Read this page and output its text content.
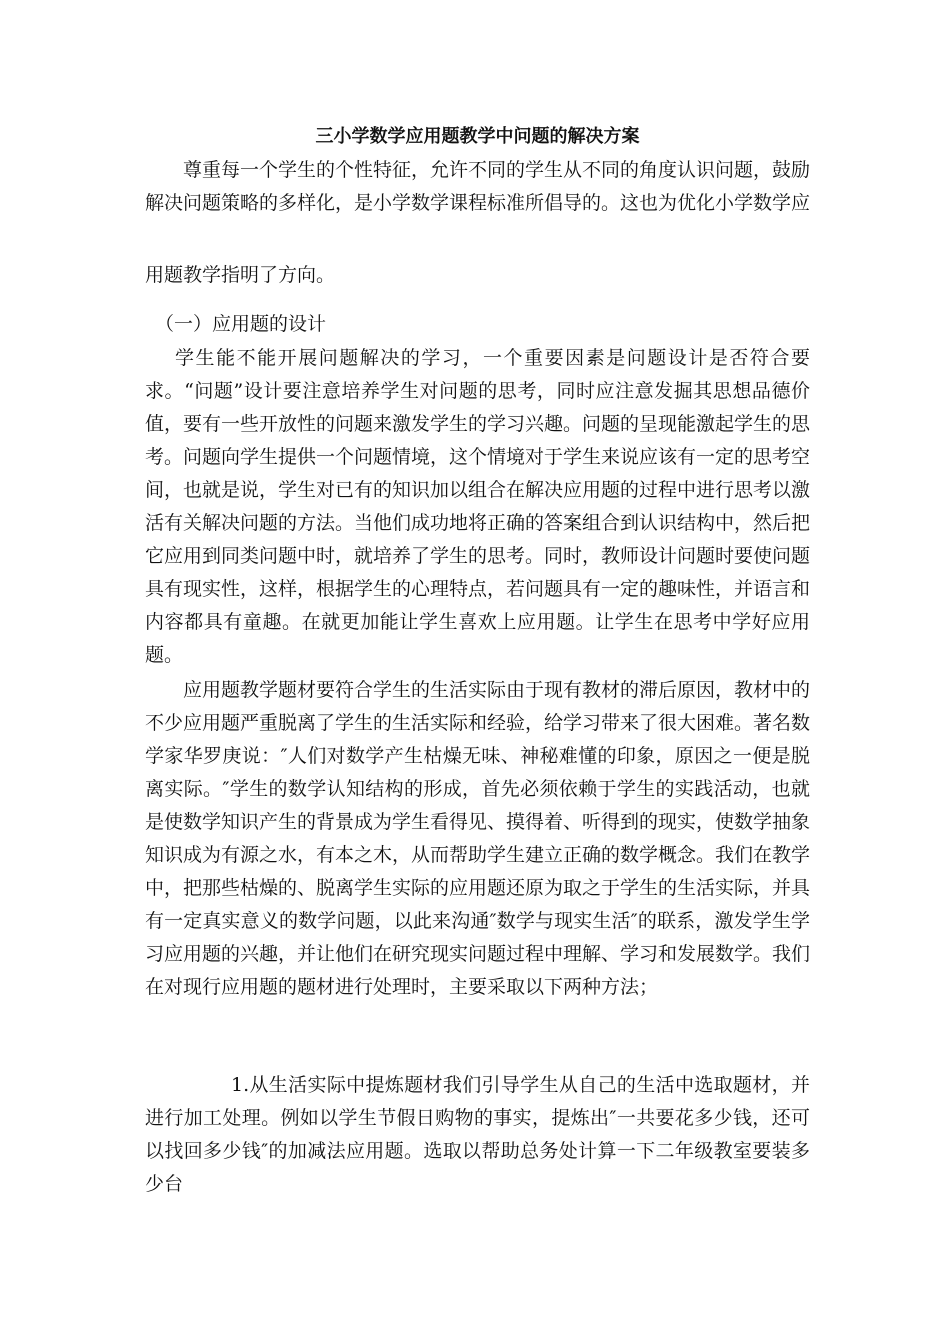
三小学数学应用题教学中问题的解决方案
尊重每一个学生的个性特征，允许不同的学生从不同的角度认识问题，鼓励解决问题策略的多样化，是小学数学课程标准所倡导的。这也为优化小学数学应
用题教学指明了方向。
（一）应用题的设计
学生能不能开展问题解决的学习，一个重要因素是问题设计是否符合要求。“问题”设计要注意培养学生对问题的思考，同时应注意发掘其思想品德价值，要有一些开放性的问题来激发学生的学习兴趣。问题的呈现能激起学生的思考。问题向学生提供一个问题情境，这个情境对于学生来说应该有一定的思考空间，也就是说，学生对已有的知识加以组合在解决应用题的过程中进行思考以激活有关解决问题的方法。当他们成功地将正确的答案组合到认识结构中，然后把它应用到同类问题中时，就培养了学生的思考。同时，教师设计问题时要使问题具有现实性，这样，根据学生的心理特点，若问题具有一定的趣味性，并语言和内容都具有童趣。在就更加能让学生喜欢上应用题。让学生在思考中学好应用题。
应用题教学题材要符合学生的生活实际由于现有教材的滞后原因，教材中的不少应用题严重脱离了学生的生活实际和经验，给学习带来了很大困难。著名数学家华罗庚说：″人们对数学产生枯燥无味、神秘难懂的印象，原因之一便是脱离实际。″学生的数学认知结构的形成，首先必须依赖于学生的实践活动，也就是使数学知识产生的背景成为学生看得见、摸得着、听得到的现实，使数学抽象知识成为有源之水，有本之木，从而帮助学生建立正确的数学概念。我们在教学中，把那些枯燥的、脱离学生实际的应用题还原为取之于学生的生活实际，并具有一定真实意义的数学问题，以此来沟通″数学与现实生活″的联系，激发学生学习应用题的兴趣，并让他们在研究现实问题过程中理解、学习和发展数学。我们在对现行应用题的题材进行处理时，主要采取以下两种方法；
1.从生活实际中提炼题材我们引导学生从自己的生活中选取题材，并进行加工处理。例如以学生节假日购物的事实，提炼出″一共要花多少钱，还可以找回多少钱″的加减法应用题。选取以帮助总务处计算一下二年级教室要装多少台
